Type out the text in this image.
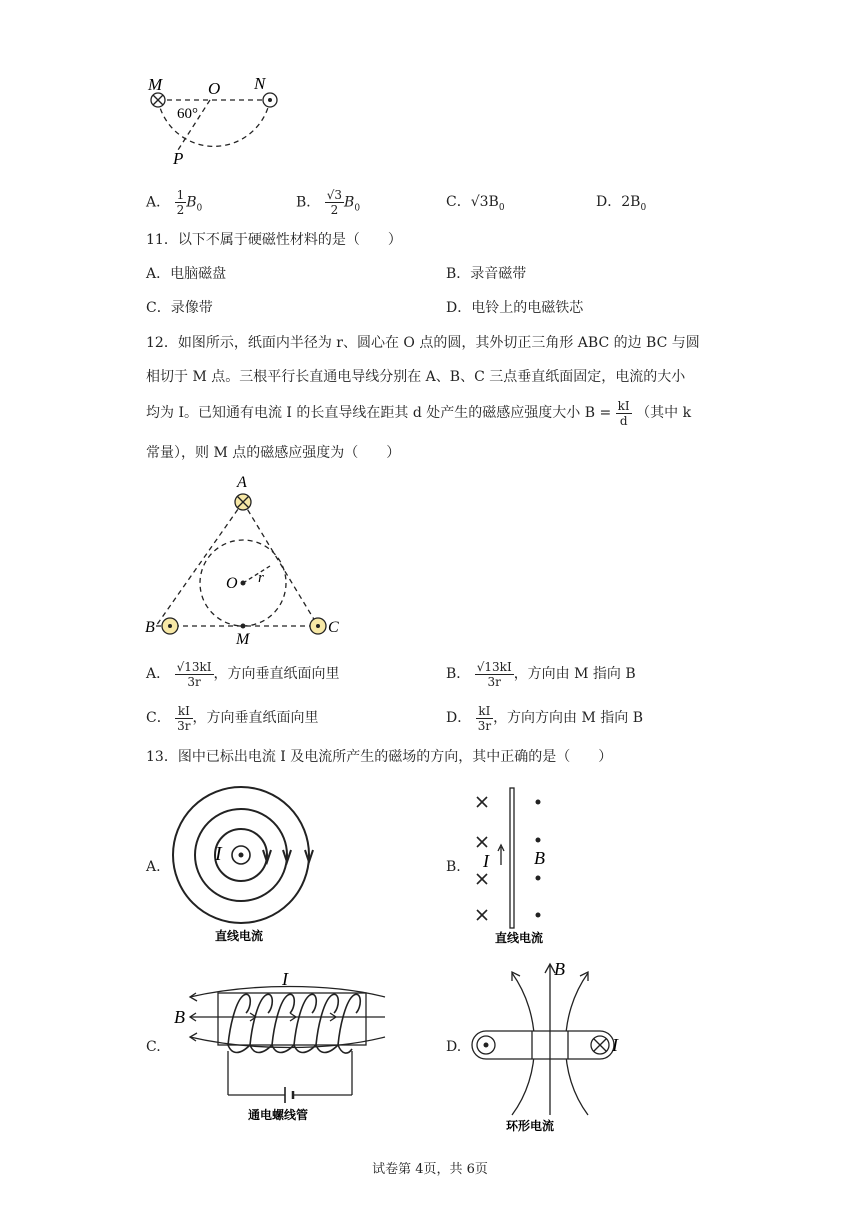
M	O N
P
60°
A． $\frac{1}{2} B_0$	B． $\frac{√3}{2} B_0$	C．$√3B_0$	D．$2B_0$
11．以下不属于硬磁性材料的是（　　）
A．电脑磁盘	B．录音磁带
C．录像带	D．电铃上的电磁铁芯
12．如图所示，纸面内半径为 r、圆心在 O 点的圆，其外切正三角形 ABC 的边 BC 与圆
相切于 M 点。三根平行长直通电导线分别在 A、B、C 三点垂直纸面固定，电流的大小
均为 I。已知通有电流 I 的长直导线在距其 d 处产生的磁感应强度大小 $B = \frac{kI}{d}$ （其中 k
常量），则 M 点的磁感应强度为（　　）
A
B	C
O r
M
A． $\frac{√13kI}{3r}$ ，方向垂直纸面向里	B． $\frac{√13kI}{3r}$ ，方向由 M 指向 B
C． $\frac{kI}{3r}$ ，方向垂直纸面向里	D． $\frac{kI}{3r}$ ，方向方向由 M 指向 B
13．图中已标出电流 I 及电流所产生的磁场的方向，其中正确的是（　　）
A.	B.
C.	D.
I
直线电流
I	B
直线电流
I
B
通电螺线管
B
I
环形电流
试卷第 4页，共 6页
